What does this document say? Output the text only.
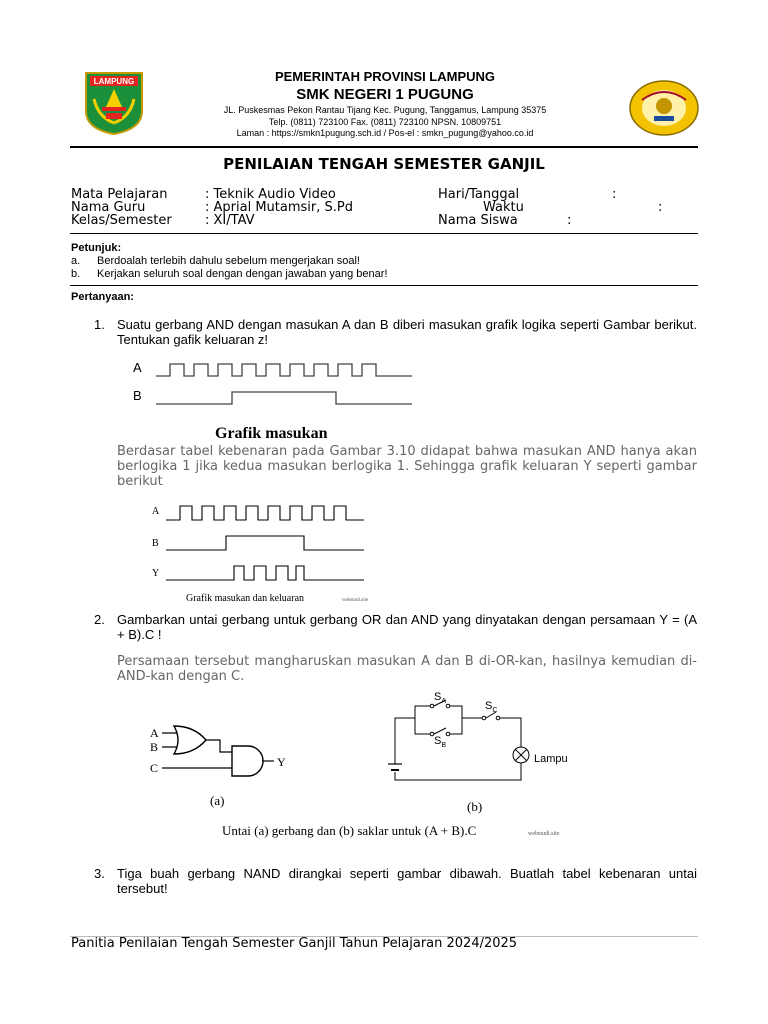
LAMPUNG	PEMERINTAH PROVINSI LAMPUNG
SMK NEGERI 1 PUGUNG
JL. Puskesmas Pekon Rantau Tijang Kec. Pugung, Tanggamus, Lampung 35375
Telp. (0811) 723100 Fax. (0811) 723100 NPSN. 10809751
Laman : https://smkn1pugung.sch.id / Pos-el : smkn_pugung@yahoo.co.id
PENILAIAN TENGAH SEMESTER GANJIL
Mata Pelajaran	: Teknik Audio Video
Nama Guru	: Aprial Mutamsir, S.Pd
Kelas/Semester	: XI/TAV
Hari/Tanggal	:
Waktu	:
Nama Siswa	:
Petunjuk:
a. Berdoalah terlebih dahulu sebelum mengerjakan soal!
b. Kerjakan seluruh soal dengan dengan jawaban yang benar!
Pertanyaan:
1. Suatu gerbang AND dengan masukan A dan B diberi masukan grafik logika seperti Gambar berikut. Tentukan gafik keluaran z!
A
B
Grafik masukan
Berdasar tabel kebenaran pada Gambar 3.10 didapat bahwa masukan AND hanya akan berlogika 1 jika kedua masukan berlogika 1. Sehingga grafik keluaran Y seperti gambar berikut
A
B
Y
Grafik masukan dan keluaran	webstudi.site
2. Gambarkan untai gerbang untuk gerbang OR dan AND yang dinyatakan dengan persamaan Y = (A + B).C !
Persamaan tersebut mangharuskan masukan A dan B di-OR-kan, hasilnya kemudian di-AND-kan dengan C.
A
B
C	Y
(a)
$S_A$
$S_B$
$S_C$
Lampu
(b)
Untai (a) gerbang dan (b) saklar untuk (A + B).C	webstudi.site
3. Tiga buah gerbang NAND dirangkai seperti gambar dibawah. Buatlah tabel kebenaran untai tersebut!
Panitia Penilaian Tengah Semester Ganjil Tahun Pelajaran 2024/2025
